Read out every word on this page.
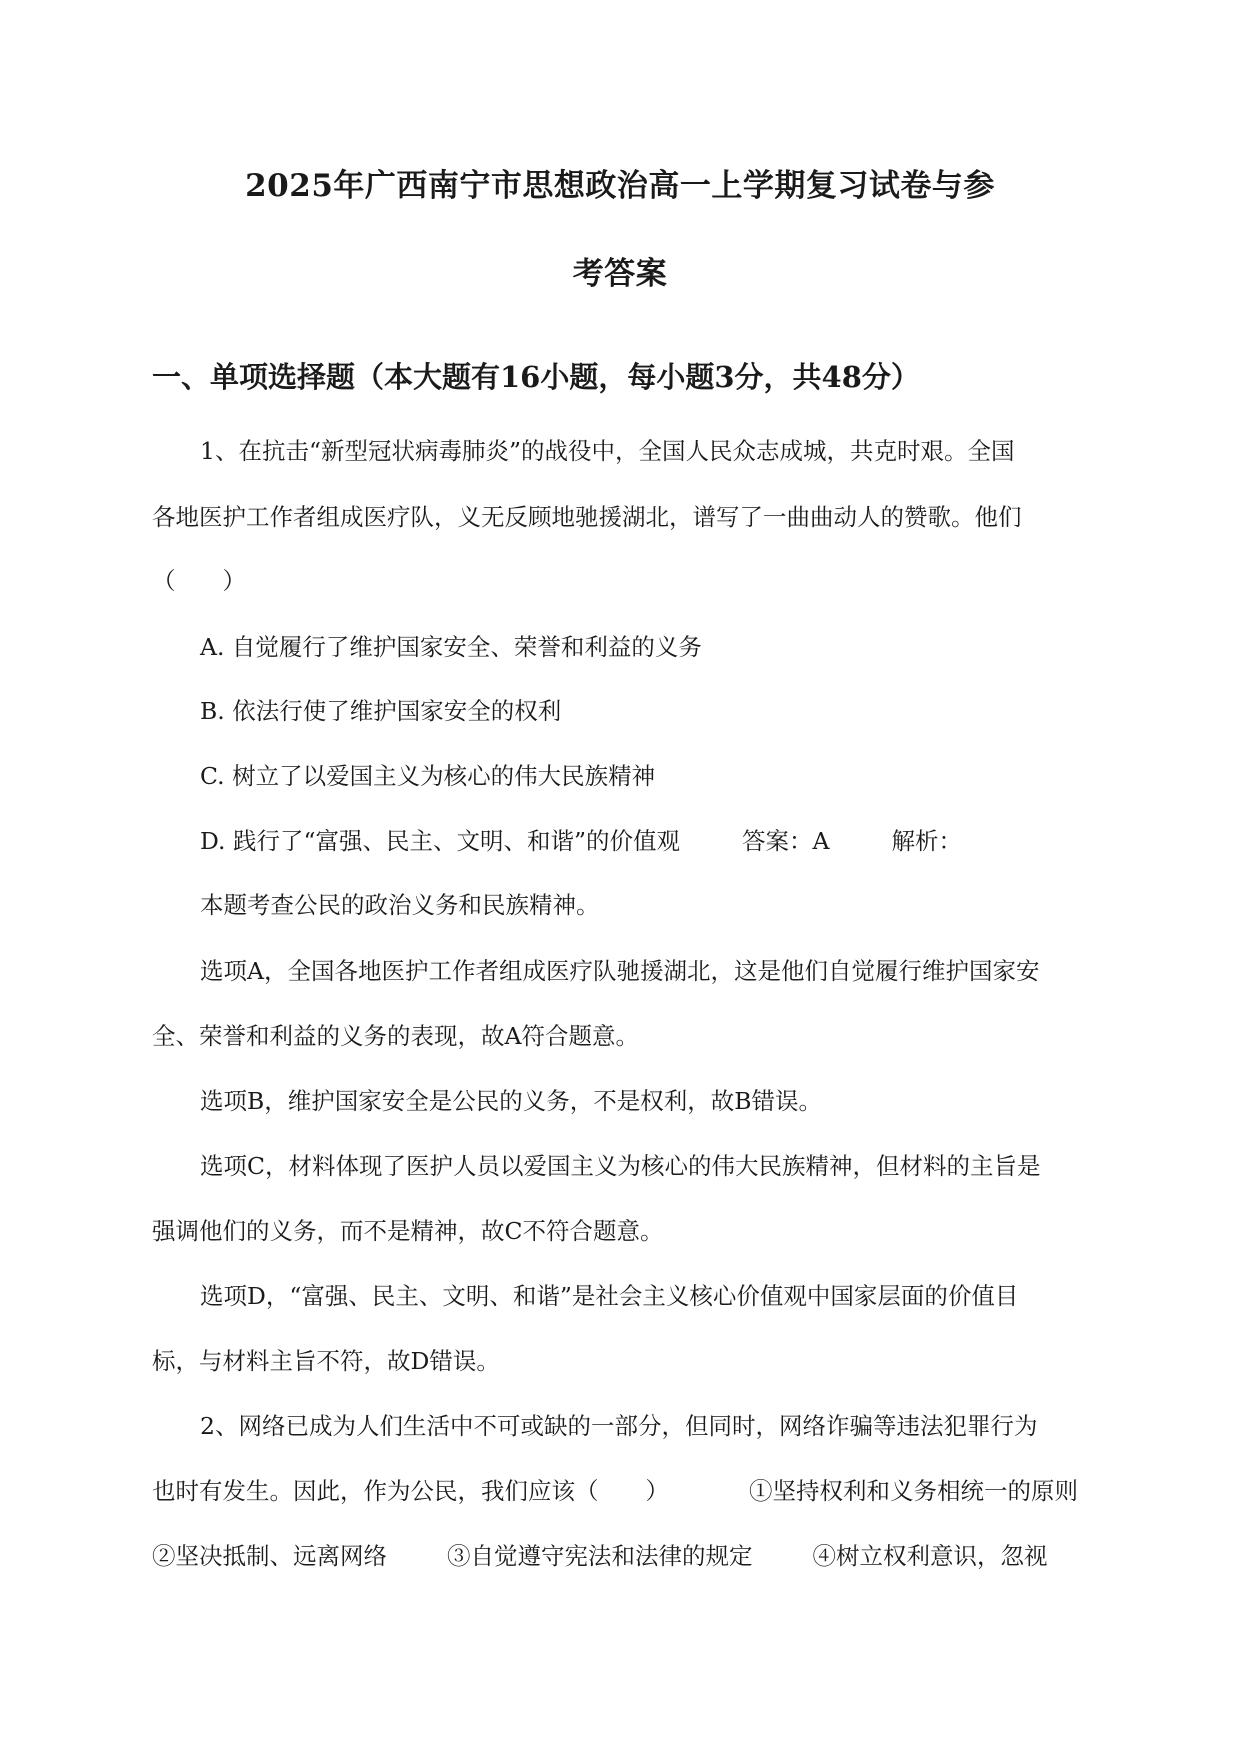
2025年广西南宁市思想政治高一上学期复习试卷与参
考答案
一、单项选择题（本大题有16小题，每小题3分，共48分）
1、在抗击“新型冠状病毒肺炎”的战役中，全国人民众志成城，共克时艰。全国
各地医护工作者组成医疗队，义无反顾地驰援湖北，谱写了一曲曲动人的赞歌。他们
（　　）
A. 自觉履行了维护国家安全、荣誉和利益的义务
B. 依法行使了维护国家安全的权利
C. 树立了以爱国主义为核心的伟大民族精神
D. 践行了“富强、民主、文明、和谐”的价值观	答案：A	解析：
本题考查公民的政治义务和民族精神。
选项A，全国各地医护工作者组成医疗队驰援湖北，这是他们自觉履行维护国家安
全、荣誉和利益的义务的表现，故A符合题意。
选项B，维护国家安全是公民的义务，不是权利，故B错误。
选项C，材料体现了医护人员以爱国主义为核心的伟大民族精神，但材料的主旨是
强调他们的义务，而不是精神，故C不符合题意。
选项D，“富强、民主、文明、和谐”是社会主义核心价值观中国家层面的价值目
标，与材料主旨不符，故D错误。
2、网络已成为人们生活中不可或缺的一部分，但同时，网络诈骗等违法犯罪行为
也时有发生。因此，作为公民，我们应该（　　）	①坚持权利和义务相统一的原则
②坚决抵制、远离网络	③自觉遵守宪法和法律的规定	④树立权利意识，忽视
